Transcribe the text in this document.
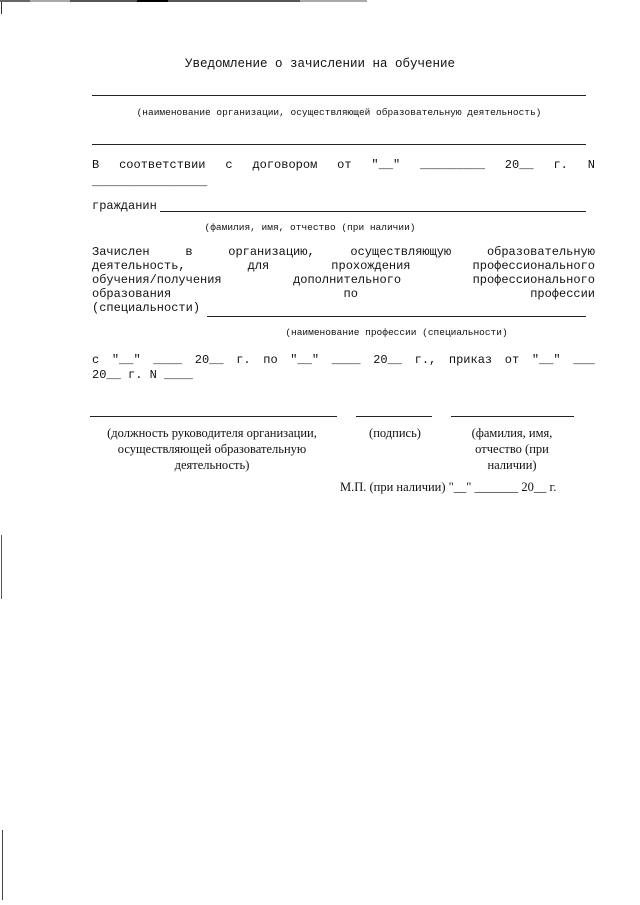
Уведомление о зачислении на обучение
(наименование организации, осуществляющей образовательную деятельность)
В соответствии с договором от "__" _________ 20__ г. N
________________
гражданин
(фамилия, имя, отчество (при наличии)
Зачислен	в	организацию,	осуществляющую	образовательную
деятельность,	для	прохождения	профессионального
обучения/получения	дополнительного	профессионального
образования	по	профессии
(специальности)
(наименование профессии (специальности)
с "__" ____ 20__ г. по "__" ____ 20__ г., приказ от "__" ___
20__ г. N ____
(должность руководителя организации, осуществляющей образовательную деятельность)
(подпись)	(фамилия, имя, отчество (при наличии)
М.П. (при наличии) "__" _______ 20__ г.
